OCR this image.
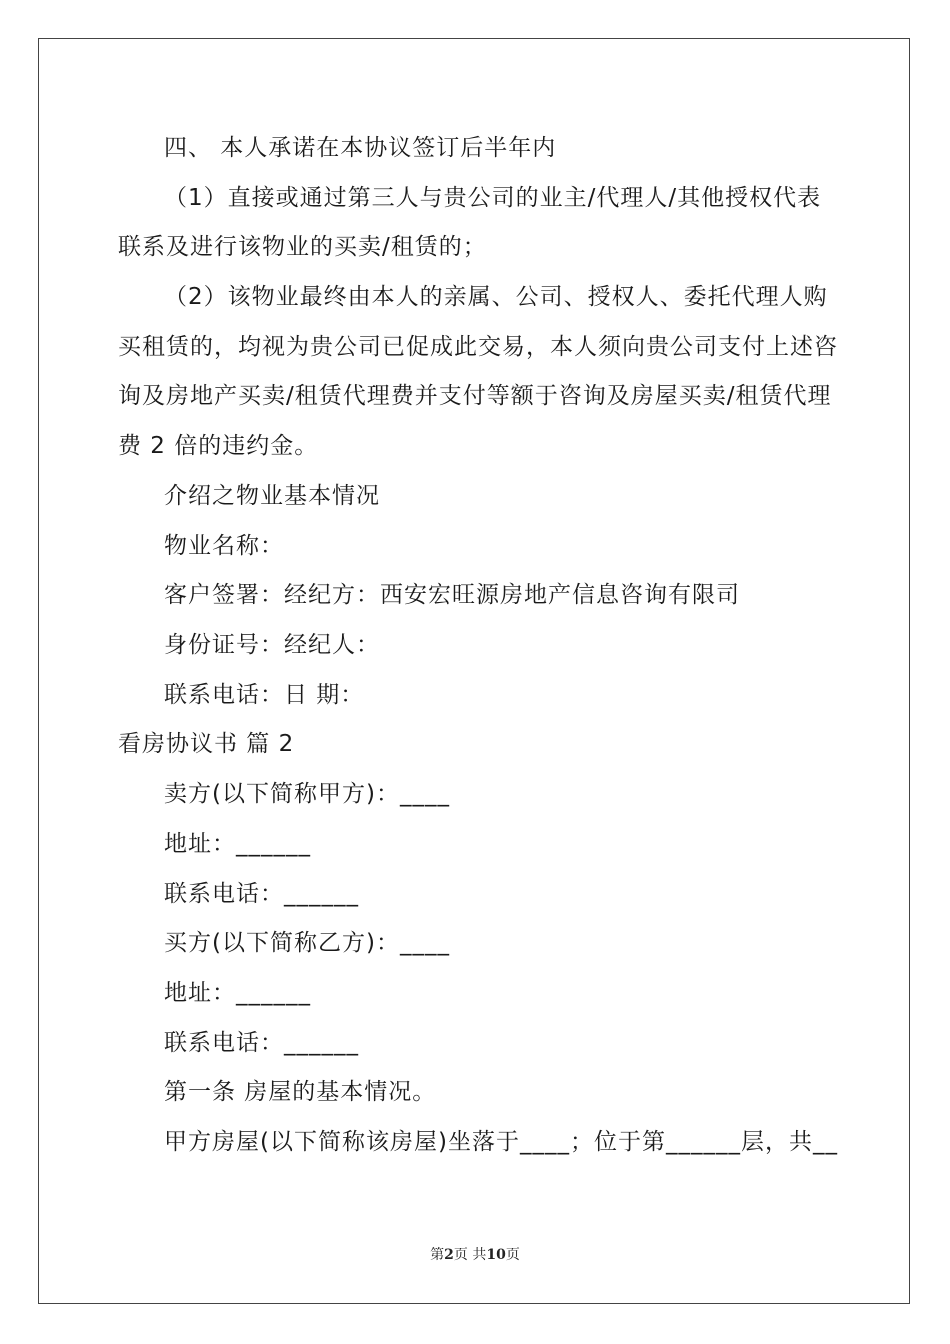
四、 本人承诺在本协议签订后半年内
（1）直接或通过第三人与贵公司的业主/代理人/其他授权代表
联系及进行该物业的买卖/租赁的；
（2）该物业最终由本人的亲属、公司、授权人、委托代理人购
买租赁的，均视为贵公司已促成此交易，本人须向贵公司支付上述咨
询及房地产买卖/租赁代理费并支付等额于咨询及房屋买卖/租赁代理
费 2 倍的违约金。
介绍之物业基本情况
物业名称：
客户签署：经纪方：西安宏旺源房地产信息咨询有限司
身份证号：经纪人：
联系电话：日 期：
看房协议书 篇 2
卖方(以下简称甲方)：____
地址：______
联系电话：______
买方(以下简称乙方)：____
地址：______
联系电话：______
第一条 房屋的基本情况。
甲方房屋(以下简称该房屋)坐落于____；位于第______层，共__
第2页 共10页
